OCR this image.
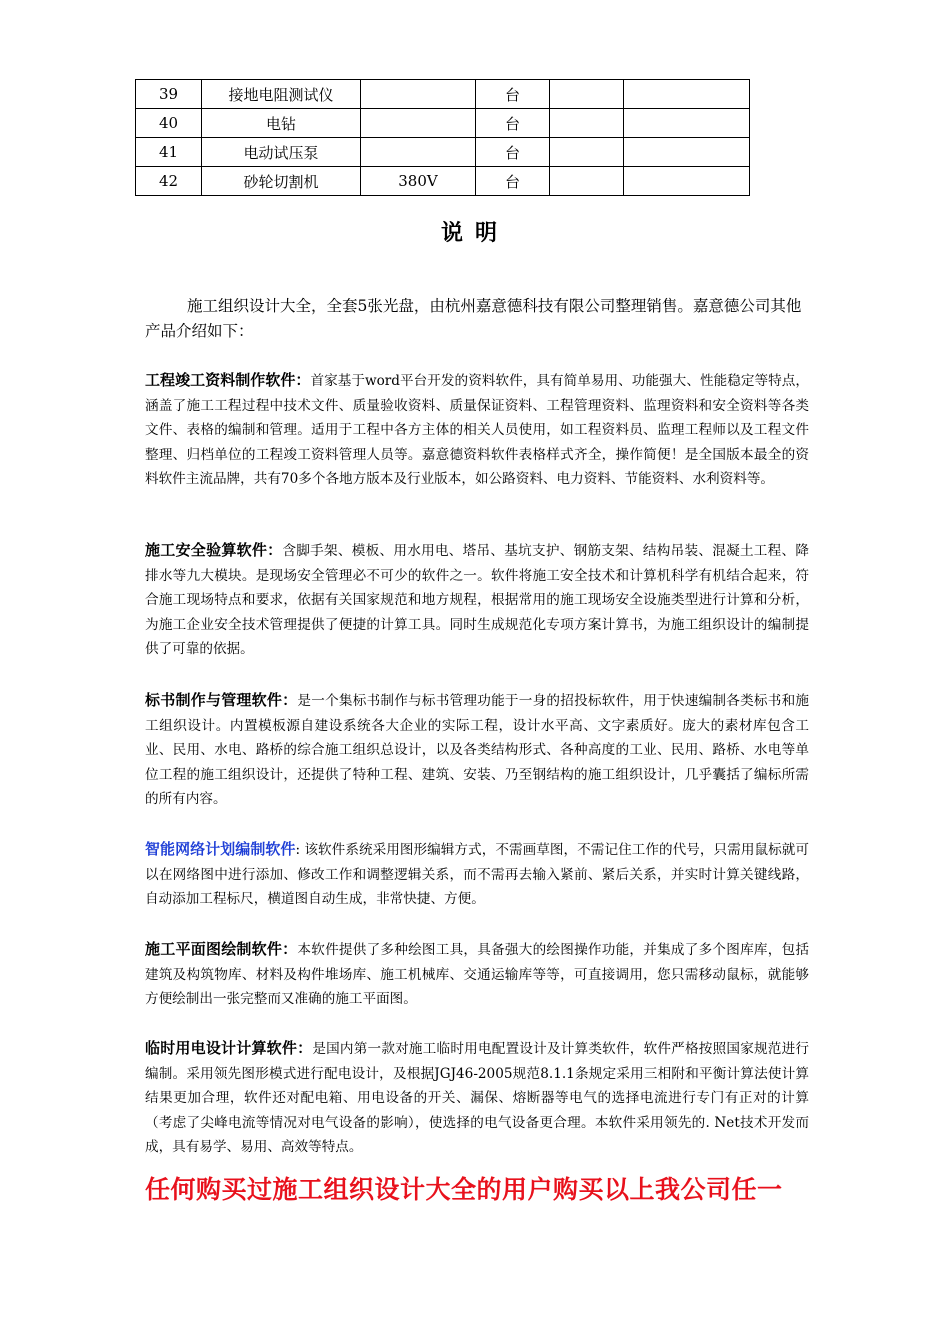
39	接地电阻测试仪		台		
40	电钻		台		
41	电动试压泵		台		
42	砂轮切割机	380V	台		
说明
施工组织设计大全，全套5张光盘，由杭州嘉意德科技有限公司整理销售。嘉意德公司其他产品介绍如下：
工程竣工资料制作软件：首家基于word平台开发的资料软件，具有简单易用、功能强大、性能稳定等特点，涵盖了施工工程过程中技术文件、质量验收资料、质量保证资料、工程管理资料、监理资料和安全资料等各类文件、表格的编制和管理。适用于工程中各方主体的相关人员使用，如工程资料员、监理工程师以及工程文件整理、归档单位的工程竣工资料管理人员等。嘉意德资料软件表格样式齐全，操作简便！是全国版本最全的资料软件主流品牌，共有70多个各地方版本及行业版本，如公路资料、电力资料、节能资料、水利资料等。
施工安全验算软件：含脚手架、模板、用水用电、塔吊、基坑支护、钢筋支架、结构吊装、混凝土工程、降排水等九大模块。是现场安全管理必不可少的软件之一。软件将施工安全技术和计算机科学有机结合起来，符合施工现场特点和要求，依据有关国家规范和地方规程，根据常用的施工现场安全设施类型进行计算和分析，为施工企业安全技术管理提供了便捷的计算工具。同时生成规范化专项方案计算书，为施工组织设计的编制提供了可靠的依据。
标书制作与管理软件：是一个集标书制作与标书管理功能于一身的招投标软件，用于快速编制各类标书和施工组织设计。内置模板源自建设系统各大企业的实际工程，设计水平高、文字素质好。庞大的素材库包含工业、民用、水电、路桥的综合施工组织总设计，以及各类结构形式、各种高度的工业、民用、路桥、水电等单位工程的施工组织设计，还提供了特种工程、建筑、安装、乃至钢结构的施工组织设计，几乎囊括了编标所需的所有内容。
智能网络计划编制软件: 该软件系统采用图形编辑方式，不需画草图，不需记住工作的代号，只需用鼠标就可以在网络图中进行添加、修改工作和调整逻辑关系，而不需再去输入紧前、紧后关系，并实时计算关键线路，自动添加工程标尺，横道图自动生成，非常快捷、方便。
施工平面图绘制软件：本软件提供了多种绘图工具，具备强大的绘图操作功能，并集成了多个图库库，包括建筑及构筑物库、材料及构件堆场库、施工机械库、交通运输库等等，可直接调用，您只需移动鼠标，就能够方便绘制出一张完整而又准确的施工平面图。
临时用电设计计算软件：是国内第一款对施工临时用电配置设计及计算类软件，软件严格按照国家规范进行编制。采用领先图形模式进行配电设计，及根据JGJ46-2005规范8.1.1条规定采用三相附和平衡计算法使计算结果更加合理，软件还对配电箱、用电设备的开关、漏保、熔断器等电气的选择电流进行专门有正对的计算（考虑了尖峰电流等情况对电气设备的影响），使选择的电气设备更合理。本软件采用领先的. Net技术开发而成，具有易学、易用、高效等特点。
任何购买过施工组织设计大全的用户购买以上我公司任一
